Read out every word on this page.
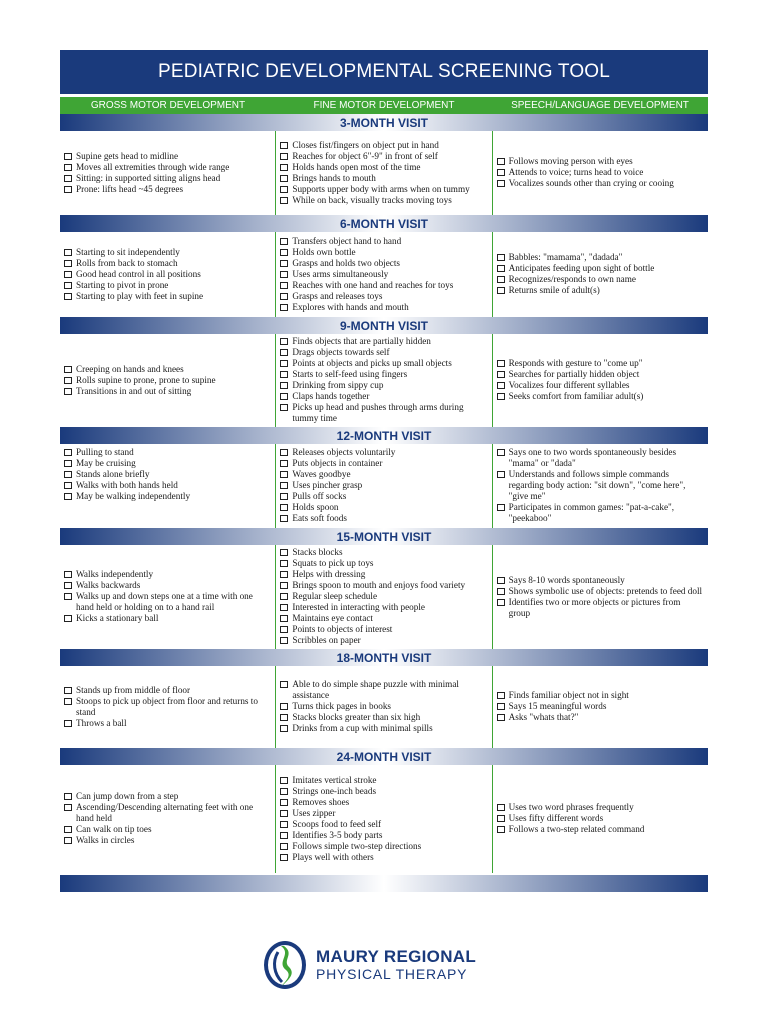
PEDIATRIC DEVELOPMENTAL SCREENING TOOL
GROSS MOTOR DEVELOPMENT	FINE MOTOR DEVELOPMENT	SPEECH/LANGUAGE DEVELOPMENT
3-MONTH VISIT
Supine gets head to midline
Moves all extremities through wide range
Sitting: in supported sitting aligns head
Prone: lifts head ~45 degrees
Closes fist/fingers on object put in hand
Reaches for object 6"-9" in front of self
Holds hands open most of the time
Brings hands to mouth
Supports upper body with arms when on tummy
While on back, visually tracks moving toys
Follows moving person with eyes
Attends to voice; turns head to voice
Vocalizes sounds other than crying or cooing
6-MONTH VISIT
Starting to sit independently
Rolls from back to stomach
Good head control in all positions
Starting to pivot in prone
Starting to play with feet in supine
Transfers object hand to hand
Holds own bottle
Grasps and holds two objects
Uses arms simultaneously
Reaches with one hand and reaches for toys
Grasps and releases toys
Explores with hands and mouth
Babbles: "mamama", "dadada"
Anticipates feeding upon sight of bottle
Recognizes/responds to own name
Returns smile of adult(s)
9-MONTH VISIT
Creeping on hands and knees
Rolls supine to prone, prone to supine
Transitions in and out of sitting
Finds objects that are partially hidden
Drags objects towards self
Points at objects and picks up small objects
Starts to self-feed using fingers
Drinking from sippy cup
Claps hands together
Picks up head and pushes through arms during tummy time
Responds with gesture to "come up"
Searches for partially hidden object
Vocalizes four different syllables
Seeks comfort from familiar adult(s)
12-MONTH VISIT
Pulling to stand
May be cruising
Stands alone briefly
Walks with both hands held
May be walking independently
Releases objects voluntarily
Puts objects in container
Waves goodbye
Uses pincher grasp
Pulls off socks
Holds spoon
Eats soft foods
Says one to two words spontaneously besides "mama" or "dada"
Understands and follows simple commands regarding body action: "sit down", "come here", "give me"
Participates in common games: "pat-a-cake", "peekaboo"
15-MONTH VISIT
Walks independently
Walks backwards
Walks up and down steps one at a time with one hand held or holding on to a hand rail
Kicks a stationary ball
Stacks blocks
Squats to pick up toys
Helps with dressing
Brings spoon to mouth and enjoys food variety
Regular sleep schedule
Interested in interacting with people
Maintains eye contact
Points to objects of interest
Scribbles on paper
Says 8-10 words spontaneously
Shows symbolic use of objects: pretends to feed doll
Identifies two or more objects or pictures from group
18-MONTH VISIT
Stands up from middle of floor
Stoops to pick up object from floor and returns to stand
Throws a ball
Able to do simple shape puzzle with minimal assistance
Turns thick pages in books
Stacks blocks greater than six high
Drinks from a cup with minimal spills
Finds familiar object not in sight
Says 15 meaningful words
Asks "whats that?"
24-MONTH VISIT
Can jump down from a step
Ascending/Descending alternating feet with one hand held
Can walk on tip toes
Walks in circles
Imitates vertical stroke
Strings one-inch beads
Removes shoes
Uses zipper
Scoops food to feed self
Identifies 3-5 body parts
Follows simple two-step directions
Plays well with others
Uses two word phrases frequently
Uses fifty different words
Follows a two-step related command
MAURY REGIONAL
PHYSICAL THERAPY
